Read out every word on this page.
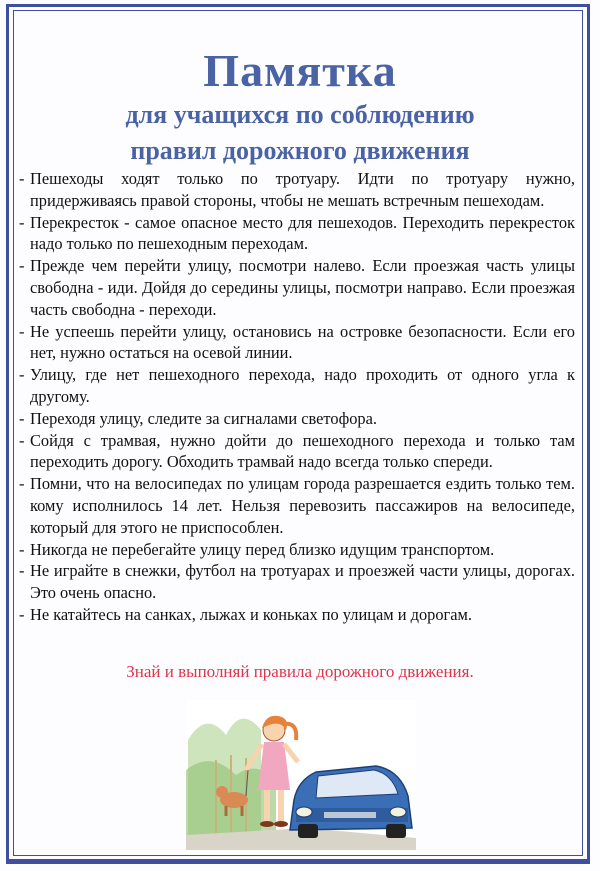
Памятка
для учащихся по соблюдению
правил дорожного движения
- Пешеходы ходят только по тротуару. Идти по тротуару нужно, придерживаясь правой стороны, чтобы не мешать встречным пешеходам.
- Перекресток - самое опасное место для пешеходов. Переходить перекресток надо только по пешеходным переходам.
- Прежде чем перейти улицу, посмотри налево. Если проезжая часть улицы свободна - иди. Дойдя до середины улицы, посмотри направо. Если проезжая часть свободна - переходи.
- Не успеешь перейти улицу, остановись на островке безопасности. Если его нет, нужно остаться на осевой линии.
- Улицу, где нет пешеходного перехода, надо проходить от одного угла к другому.
- Переходя улицу, следите за сигналами светофора.
- Сойдя с трамвая, нужно дойти до пешеходного перехода и только там переходить дорогу. Обходить трамвай надо всегда только спереди.
- Помни, что на велосипедах по улицам города разрешается ездить только тем. кому исполнилось 14 лет. Нельзя перевозить пассажиров на велосипеде, который для этого не приспособлен.
- Никогда не перебегайте улицу перед близко идущим транспортом.
- Не играйте в снежки, футбол на тротуарах и проезжей части улицы, дорогах. Это очень опасно.
- Не катайтесь на санках, лыжах и коньках по улицам и дорогам.
Знай и выполняй правила дорожного движения.
